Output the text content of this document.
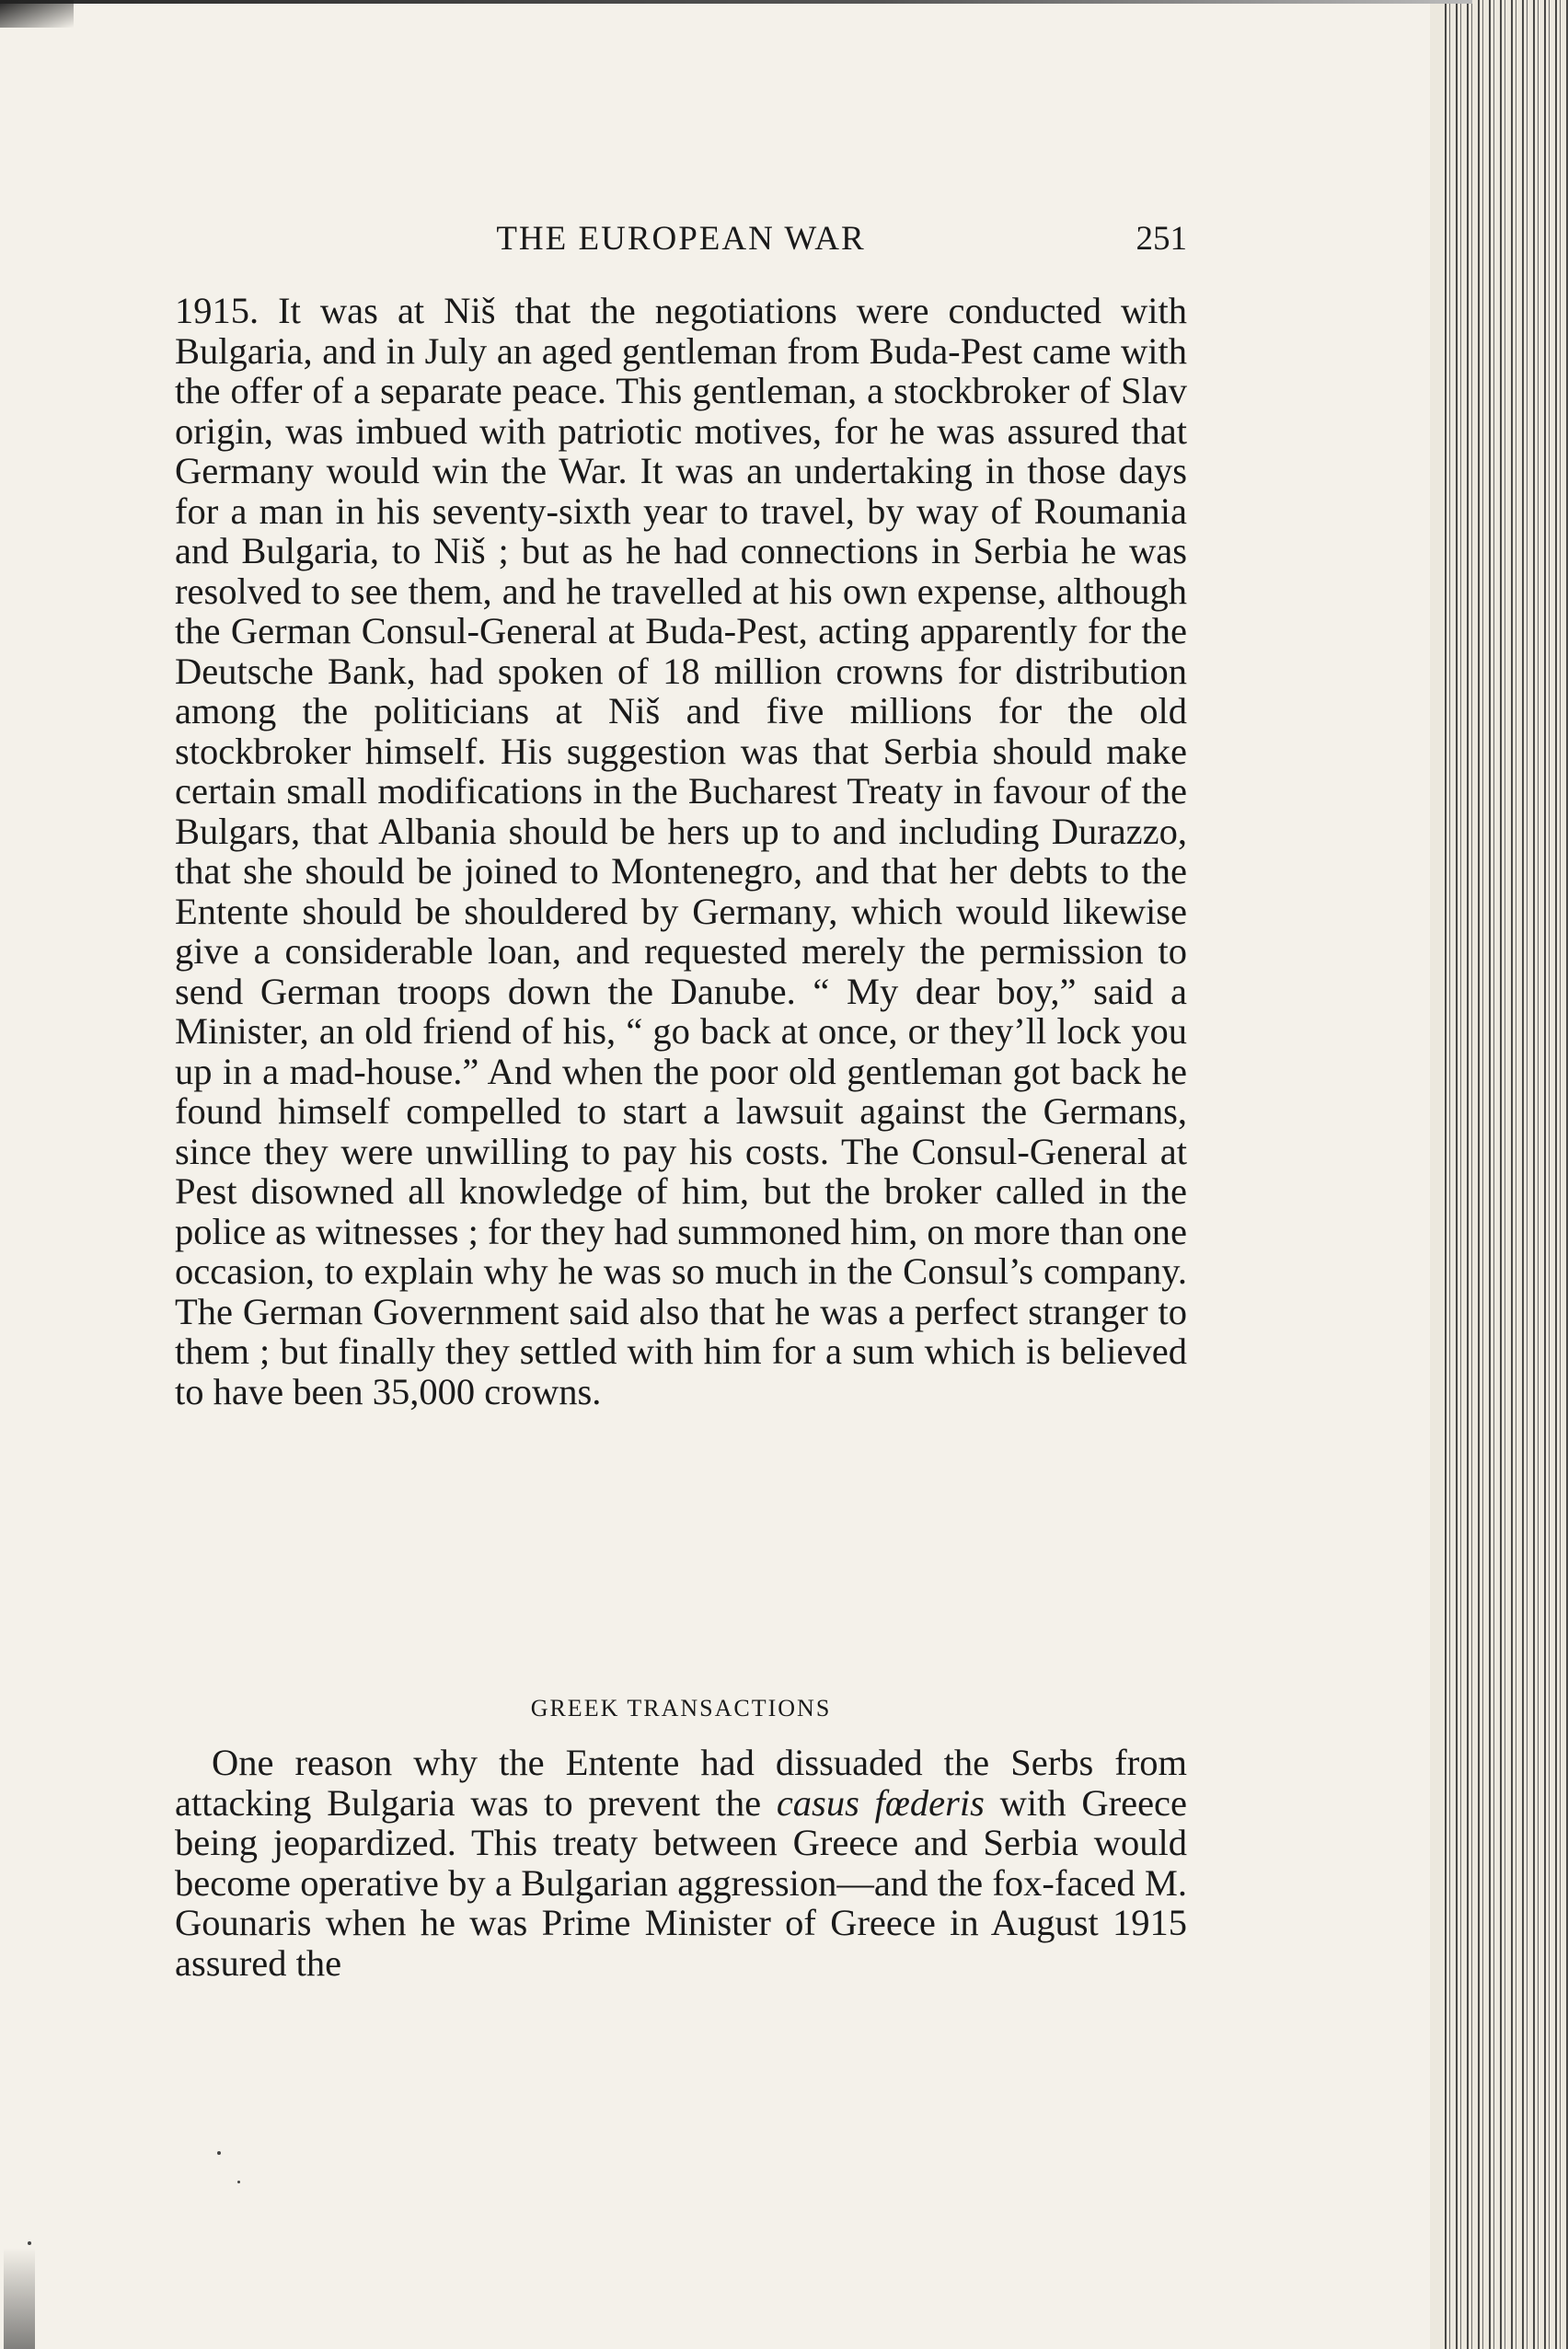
THE EUROPEAN WAR	251

1915. It was at Niš that the negotiations were conducted with Bulgaria, and in July an aged gentleman from Buda-Pest came with the offer of a separate peace. This gentleman, a stockbroker of Slav origin, was imbued with patriotic motives, for he was assured that Germany would win the War. It was an undertaking in those days for a man in his seventy-sixth year to travel, by way of Roumania and Bulgaria, to Niš ; but as he had connections in Serbia he was resolved to see them, and he travelled at his own expense, although the German Consul-General at Buda-Pest, acting apparently for the Deutsche Bank, had spoken of 18 million crowns for distribution among the politicians at Niš and five millions for the old stockbroker himself. His suggestion was that Serbia should make certain small modifications in the Bucharest Treaty in favour of the Bulgars, that Albania should be hers up to and including Durazzo, that she should be joined to Montenegro, and that her debts to the Entente should be shouldered by Germany, which would likewise give a considerable loan, and requested merely the permission to send German troops down the Danube. “ My dear boy,” said a Minister, an old friend of his, “ go back at once, or they’ll lock you up in a mad-house.” And when the poor old gentleman got back he found himself compelled to start a lawsuit against the Germans, since they were unwilling to pay his costs. The Consul-General at Pest disowned all knowledge of him, but the broker called in the police as witnesses ; for they had summoned him, on more than one occasion, to explain why he was so much in the Consul’s company. The German Government said also that he was a perfect stranger to them ; but finally they settled with him for a sum which is believed to have been 35,000 crowns.

GREEK TRANSACTIONS

One reason why the Entente had dissuaded the Serbs from attacking Bulgaria was to prevent the casus fœderis with Greece being jeopardized. This treaty between Greece and Serbia would become operative by a Bulgarian aggression—and the fox-faced M. Gounaris when he was Prime Minister of Greece in August 1915 assured the
